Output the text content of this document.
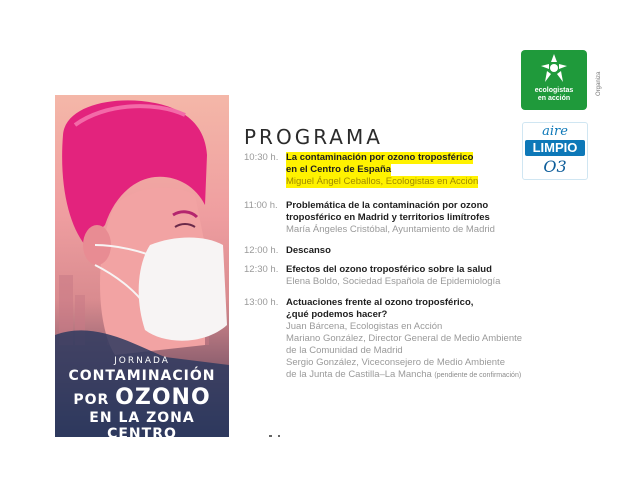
JORNADA
CONTAMINACIÓN
POR OZONO
EN LA ZONA
CENTRO
ecologistas
en acción
Organiza
aire
LIMPIO
O3
PROGRAMA
10:30 h. La contaminación por ozono troposférico
en el Centro de España
Miguel Ángel Ceballos, Ecologistas en Acción
11:00 h. Problemática de la contaminación por ozono
troposférico en Madrid y territorios limítrofes
María Ángeles Cristóbal, Ayuntamiento de Madrid
12:00 h. Descanso
12:30 h. Efectos del ozono troposférico sobre la salud
Elena Boldo, Sociedad Española de Epidemiología
13:00 h. Actuaciones frente al ozono troposférico,
¿qué podemos hacer?
Juan Bárcena, Ecologistas en Acción
Mariano González, Director General de Medio Ambiente
de la Comunidad de Madrid
Sergio González, Viceconsejero de Medio Ambiente
de la Junta de Castilla–La Mancha (pendiente de confirmación)
